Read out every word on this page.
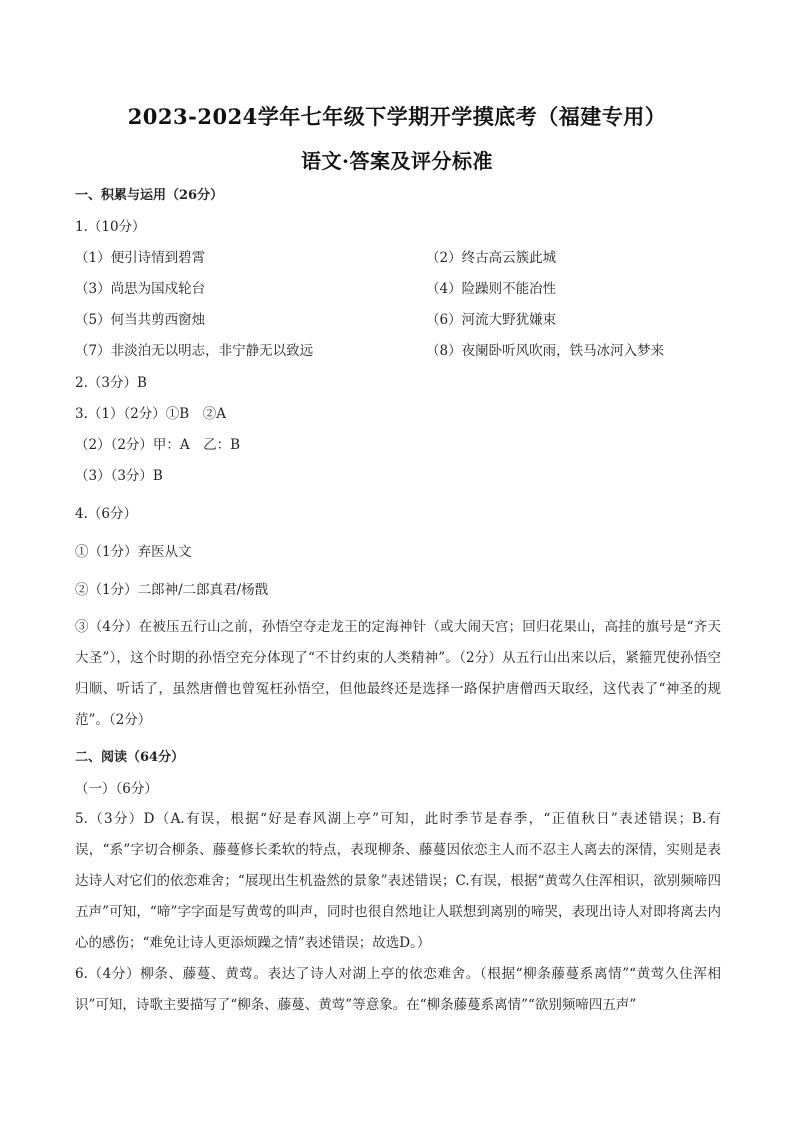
2023-2024学年七年级下学期开学摸底考（福建专用）
语文·答案及评分标准
一、积累与运用（26分）
1.（10分）
（1）便引诗情到碧霄	（2）终古高云簇此城
（3）尚思为国戍轮台	（4）险躁则不能冶性
（5）何当共剪西窗烛	（6）河流大野犹嫌束
（7）非淡泊无以明志，非宁静无以致远	（8）夜阑卧听风吹雨，铁马冰河入梦来
2.（3分）B
3.（1）（2分）①B　②A
（2）（2分）甲：A　乙：B
（3）（3分）B
4.（6分）
①（1分）弃医从文
②（1分）二郎神/二郎真君/杨戬
③（4分）在被压五行山之前，孙悟空夺走龙王的定海神针（或大闹天宫；回归花果山，高挂的旗号是“齐天大圣”），这个时期的孙悟空充分体现了“不甘约束的人类精神”。（2分）从五行山出来以后，紧箍咒使孙悟空归顺、听话了，虽然唐僧也曾冤枉孙悟空，但他最终还是选择一路保护唐僧西天取经，这代表了“神圣的规范”。（2分）
二、阅读（64分）
（一）（6分）
5.（3分）D（A.有误，根据“好是春风湖上亭”可知，此时季节是春季，“正值秋日”表述错误；B.有误，“系”字切合柳条、藤蔓修长柔软的特点，表现柳条、藤蔓因依恋主人而不忍主人离去的深情，实则是表达诗人对它们的依恋难舍；“展现出生机盎然的景象”表述错误；C.有误，根据“黄莺久住浑相识，欲别频啼四五声”可知，“啼”字字面是写黄莺的叫声，同时也很自然地让人联想到离别的啼哭，表现出诗人对即将离去内心的感伤；“难免让诗人更添烦躁之情”表述错误；故选D。）
6.（4分）柳条、藤蔓、黄莺。表达了诗人对湖上亭的依恋难舍。（根据“柳条藤蔓系离情”“黄莺久住浑相识”可知，诗歌主要描写了“柳条、藤蔓、黄莺”等意象。在“柳条藤蔓系离情”“欲别频啼四五声”
